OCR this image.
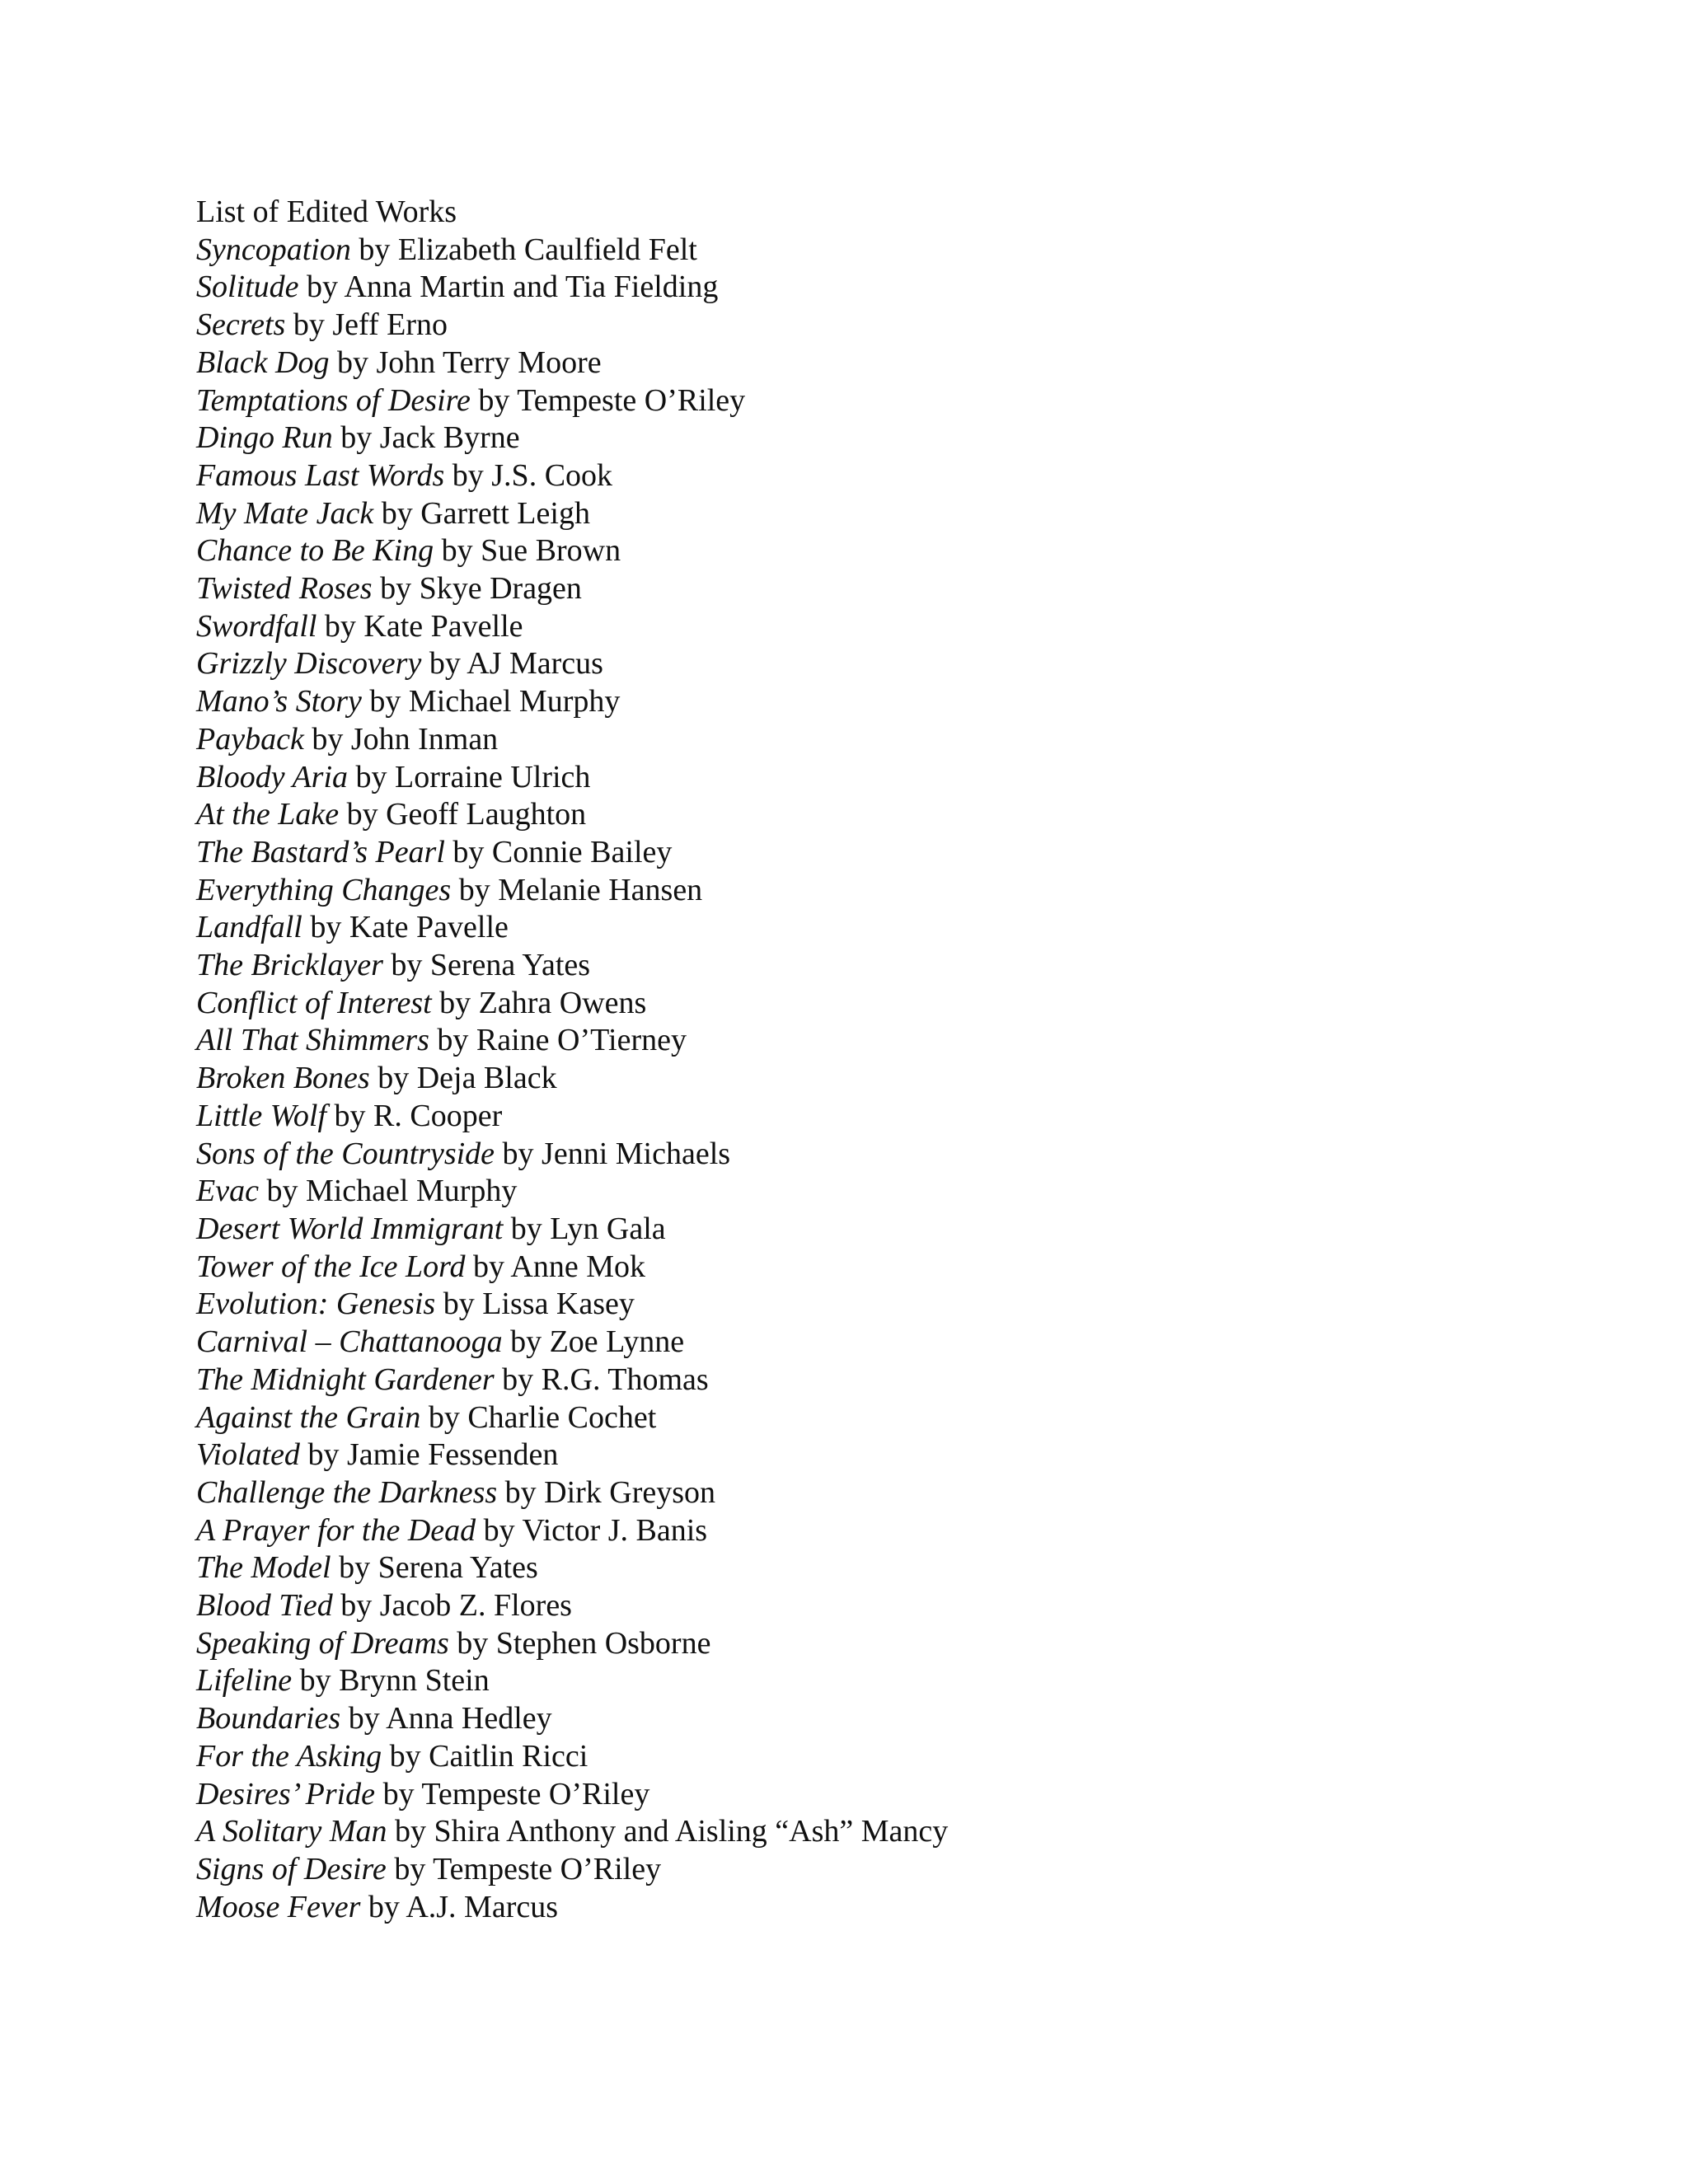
List of Edited Works
Syncopation by Elizabeth Caulfield Felt
Solitude by Anna Martin and Tia Fielding
Secrets by Jeff Erno
Black Dog by John Terry Moore
Temptations of Desire by Tempeste O’Riley
Dingo Run by Jack Byrne
Famous Last Words by J.S. Cook
My Mate Jack by Garrett Leigh
Chance to Be King by Sue Brown
Twisted Roses by Skye Dragen
Swordfall by Kate Pavelle
Grizzly Discovery by AJ Marcus
Mano’s Story by Michael Murphy
Payback by John Inman
Bloody Aria by Lorraine Ulrich
At the Lake by Geoff Laughton
The Bastard’s Pearl by Connie Bailey
Everything Changes by Melanie Hansen
Landfall by Kate Pavelle
The Bricklayer by Serena Yates
Conflict of Interest by Zahra Owens
All That Shimmers by Raine O’Tierney
Broken Bones by Deja Black
Little Wolf by R. Cooper
Sons of the Countryside by Jenni Michaels
Evac by Michael Murphy
Desert World Immigrant by Lyn Gala
Tower of the Ice Lord by Anne Mok
Evolution: Genesis by Lissa Kasey
Carnival – Chattanooga by Zoe Lynne
The Midnight Gardener by R.G. Thomas
Against the Grain by Charlie Cochet
Violated by Jamie Fessenden
Challenge the Darkness by Dirk Greyson
A Prayer for the Dead by Victor J. Banis
The Model by Serena Yates
Blood Tied by Jacob Z. Flores
Speaking of Dreams by Stephen Osborne
Lifeline by Brynn Stein
Boundaries by Anna Hedley
For the Asking by Caitlin Ricci
Desires’ Pride by Tempeste O’Riley
A Solitary Man by Shira Anthony and Aisling “Ash” Mancy
Signs of Desire by Tempeste O’Riley
Moose Fever by A.J. Marcus
